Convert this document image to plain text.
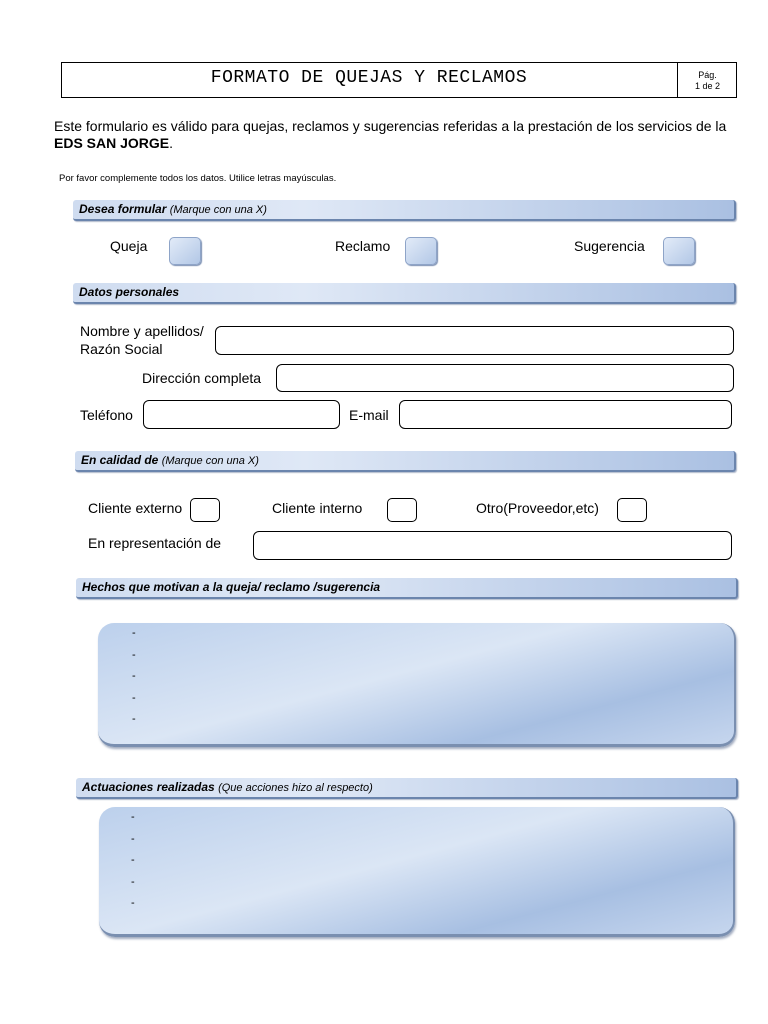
FORMATO DE QUEJAS Y RECLAMOS	Pág.
1 de 2
Este formulario es válido para quejas, reclamos y sugerencias referidas a la prestación de los servicios de la EDS SAN JORGE.
Por favor complemente todos los datos. Utilice letras mayúsculas.
Desea formular (Marque con una X)
Queja	Reclamo	Sugerencia
Datos personales
Nombre y apellidos/
Razón Social
Dirección completa
Teléfono	E-mail
En calidad de (Marque con una X)
Cliente externo	Cliente interno	Otro(Proveedor,etc)
En representación de
Hechos que motivan a la queja/ reclamo /sugerencia
-
-
-
-
-
Actuaciones realizadas (Que acciones hizo al respecto)
-
-
-
-
-
